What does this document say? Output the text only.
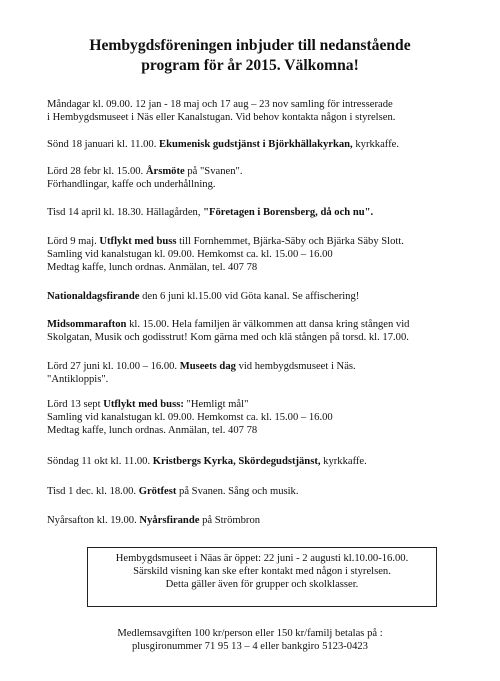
Hembygdsföreningen inbjuder till nedanstående
program för år 2015. Välkomna!
Måndagar kl. 09.00. 12 jan - 18 maj och 17 aug – 23 nov samling för intresserade
i Hembygdsmuseet i Näs eller Kanalstugan. Vid behov kontakta någon i styrelsen.
Sönd 18 januari kl. 11.00. Ekumenisk gudstjänst i Björkhällakyrkan, kyrkkaffe.
Lörd 28 febr kl. 15.00. Årsmöte på "Svanen".
Förhandlingar, kaffe och underhållning.
Tisd 14 april kl. 18.30. Hällagården, "Företagen i Borensberg, då och nu".
Lörd 9 maj. Utflykt med buss till Fornhemmet, Bjärka-Säby och Bjärka Säby Slott.
Samling vid kanalstugan kl. 09.00. Hemkomst ca. kl. 15.00 – 16.00
Medtag kaffe, lunch ordnas. Anmälan, tel. 407 78
Nationaldagsfirande den 6 juni kl.15.00 vid Göta kanal. Se affischering!
Midsommarafton kl. 15.00. Hela familjen är välkommen att dansa kring stången vid
Skolgatan, Musik och godisstrut! Kom gärna med och klä stången på torsd. kl. 17.00.
Lörd 27 juni kl. 10.00 – 16.00. Museets dag vid hembygdsmuseet i Näs.
"Antikloppis".
Lörd 13 sept Utflykt med buss: "Hemligt mål"
Samling vid kanalstugan kl. 09.00. Hemkomst ca. kl. 15.00 – 16.00
Medtag kaffe, lunch ordnas. Anmälan, tel. 407 78
Söndag 11 okt kl. 11.00. Kristbergs Kyrka, Skördegudstjänst, kyrkkaffe.
Tisd 1 dec. kl. 18.00. Grötfest på Svanen. Sång och musik.
Nyårsafton kl. 19.00. Nyårsfirande på Strömbron
Hembygdsmuseet i Näas är öppet: 22 juni - 2 augusti kl.10.00-16.00.
Särskild visning kan ske efter kontakt med någon i styrelsen.
Detta gäller även för grupper och skolklasser.
Medlemsavgiften 100 kr/person eller 150 kr/familj betalas på :
plusgironummer 71 95 13 – 4 eller bankgiro 5123-0423
